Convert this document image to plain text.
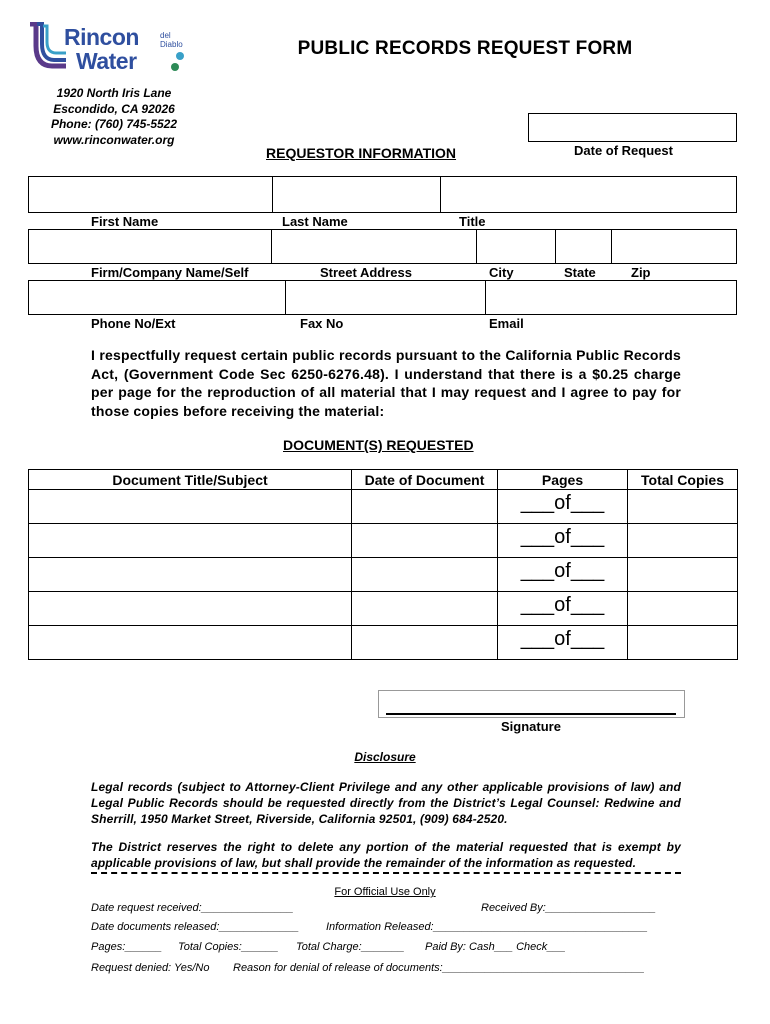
Rincon
Water
del Diablo
1920 North Iris Lane
Escondido, CA 92026
Phone: (760) 745-5522
www.rinconwater.org
PUBLIC RECORDS REQUEST FORM
Date of Request
REQUESTOR INFORMATION
First Name	Last Name	Title
Firm/Company Name/Self	Street Address	City	State	Zip
Phone No/Ext	Fax No	Email
I respectfully request certain public records pursuant to the California Public Records Act, (Government Code Sec 6250-6276.48). I understand that there is a $0.25 charge per page for the reproduction of all material that I may request and I agree to pay for those copies before receiving the material:
DOCUMENT(S) REQUESTED
Document Title/Subject	Date of Document	Pages	Total Copies
		___of___	
		___of___	
		___of___	
		___of___	
		___of___	
Signature
Disclosure
Legal records (subject to Attorney-Client Privilege and any other applicable provisions of law) and Legal Public Records should be requested directly from the District’s Legal Counsel: Redwine and Sherrill, 1950 Market Street, Riverside, California 92501, (909) 684-2520.
The District reserves the right to delete any portion of the material requested that is exempt by applicable provisions of law, but shall provide the remainder of the information as requested.
For Official Use Only
Date request received:_______________	Received By:__________________
Date documents released:_____________ Information Released:___________________________________
Pages:______ Total Copies:______ Total Charge:_______ Paid By: Cash___ Check___
Request denied: Yes/No Reason for denial of release of documents:_________________________________
